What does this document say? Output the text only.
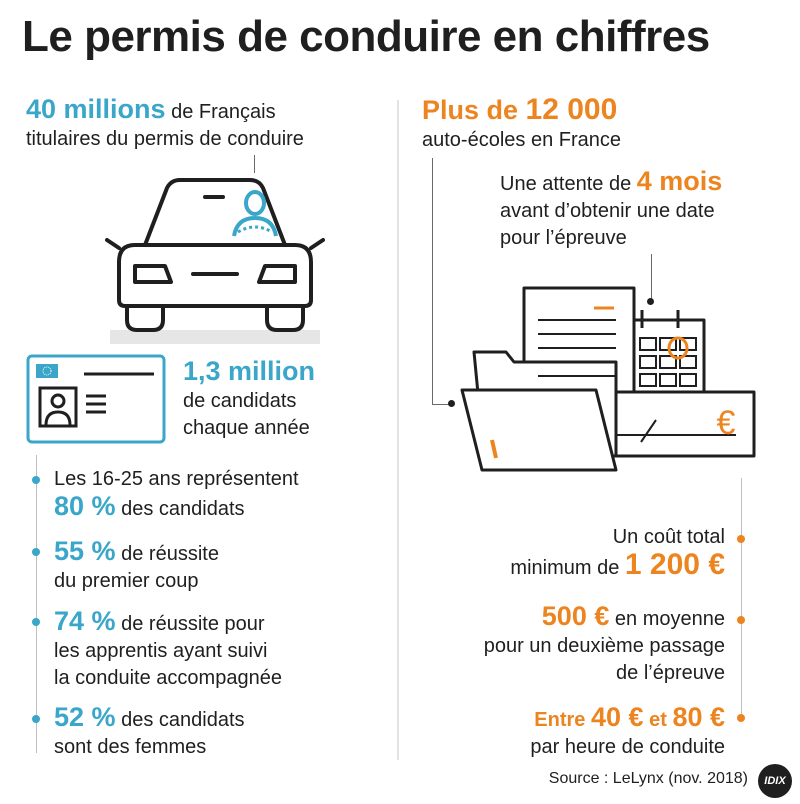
Le permis de conduire en chiffres
40 millions de Français
titulaires du permis de conduire
1,3 million
de candidats
chaque année
Les 16-25 ans représentent
80 % des candidats
55 % de réussite
du premier coup
74 % de réussite pour
les apprentis ayant suivi
la conduite accompagnée
52 % des candidats
sont des femmes
Plus de 12 000
auto-écoles en France
Une attente de 4 mois
avant d’obtenir une date
pour l’épreuve
€
Un coût total
minimum de 1 200 €
500 € en moyenne
pour un deuxième passage
de l’épreuve
Entre 40 € et 80 €
par heure de conduite
Source : LeLynx (nov. 2018)	IDIX
